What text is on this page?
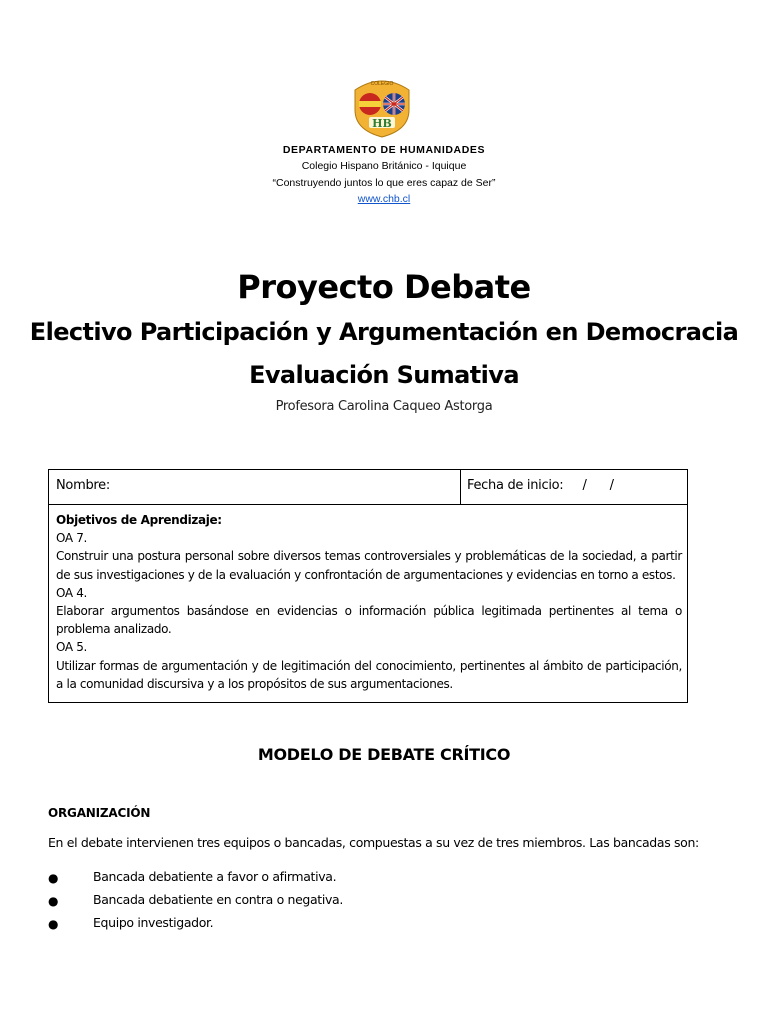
COLEGIO
HB
DEPARTAMENTO DE HUMANIDADES
Colegio Hispano Británico - Iquique
“Construyendo juntos lo que eres capaz de Ser”
www.chb.cl
Proyecto Debate
Electivo Participación y Argumentación en Democracia
Evaluación Sumativa
Profesora Carolina Caqueo Astorga
Nombre:	Fecha de inicio:     /      /
Objetivos de Aprendizaje:
OA 7.
Construir una postura personal sobre diversos temas controversiales y problemáticas de la sociedad, a partir de sus investigaciones y de la evaluación y confrontación de argumentaciones y evidencias en torno a estos.
OA 4.
Elaborar argumentos basándose en evidencias o información pública legitimada pertinentes al tema o problema analizado.
OA 5.
Utilizar formas de argumentación y de legitimación del conocimiento, pertinentes al ámbito de participación, a la comunidad discursiva y a los propósitos de sus argumentaciones.
MODELO DE DEBATE CRÍTICO
ORGANIZACIÓN
En el debate intervienen tres equipos o bancadas, compuestas a su vez de tres miembros. Las bancadas son:
●	Bancada debatiente a favor o afirmativa.
●	Bancada debatiente en contra o negativa.
●	Equipo investigador.
